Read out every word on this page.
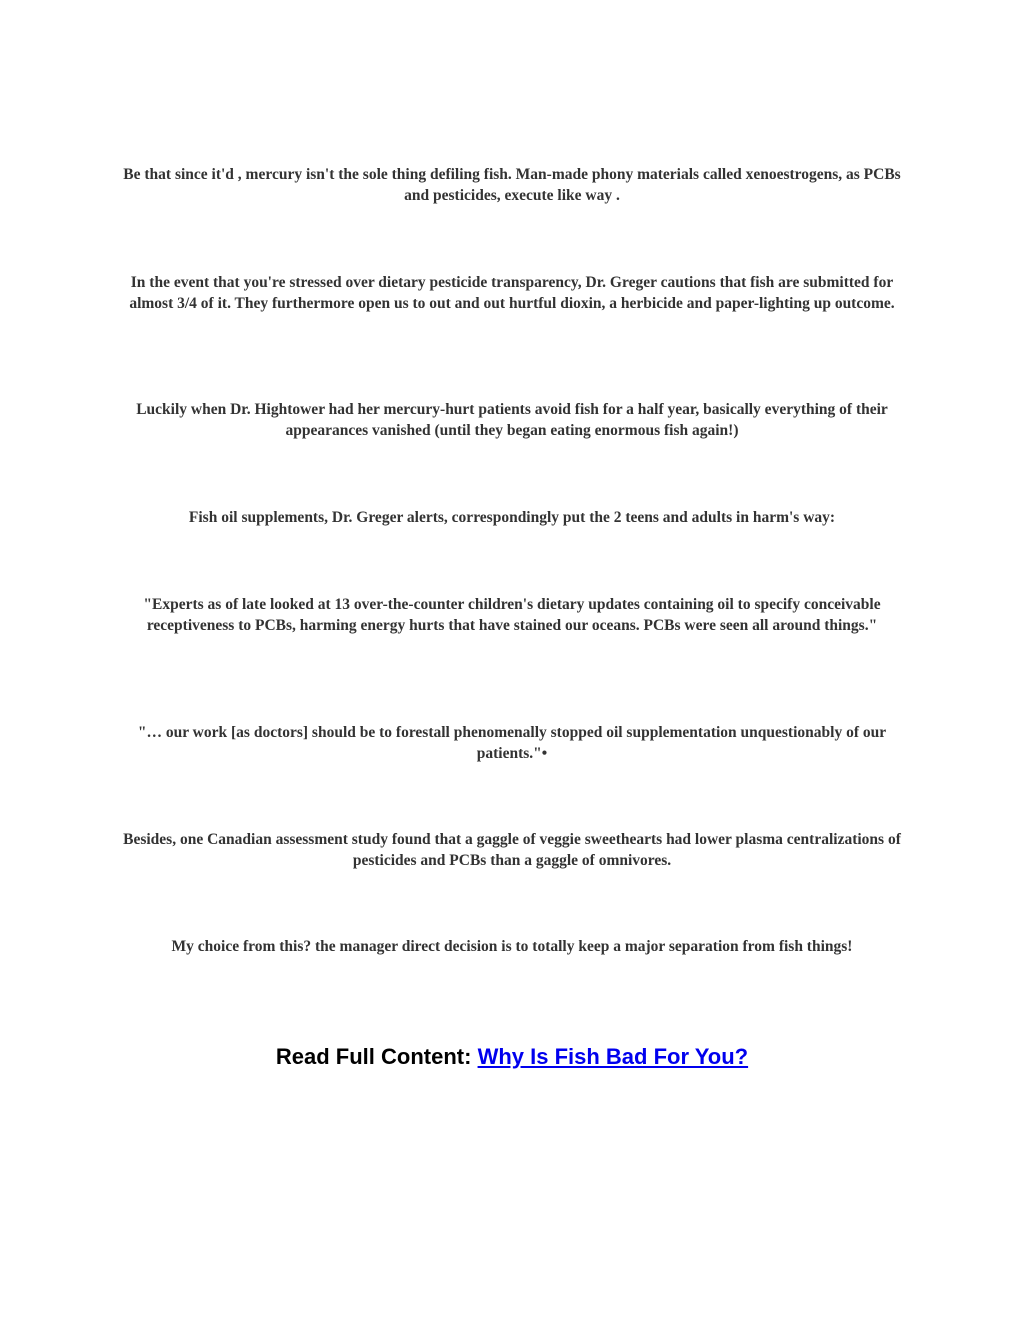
Be that since it'd , mercury isn't the sole thing defiling fish. Man-made phony materials called xenoestrogens, as PCBs and pesticides, execute like way .

In the event that you're stressed over dietary pesticide transparency, Dr. Greger cautions that fish are submitted for almost 3/4 of it. They furthermore open us to out and out hurtful dioxin, a herbicide and paper-lighting up outcome.

Luckily when Dr. Hightower had her mercury-hurt patients avoid fish for a half year, basically everything of their appearances vanished (until they began eating enormous fish again!)

Fish oil supplements, Dr. Greger alerts, correspondingly put the 2 teens and adults in harm's way:

"Experts as of late looked at 13 over-the-counter children's dietary updates containing oil to specify conceivable receptiveness to PCBs, harming energy hurts that have stained our oceans. PCBs were seen all around things."

"… our work [as doctors] should be to forestall phenomenally stopped oil supplementation unquestionably of our patients."•

Besides, one Canadian assessment study found that a gaggle of veggie sweethearts had lower plasma centralizations of pesticides and PCBs than a gaggle of omnivores.

My choice from this? the manager direct decision is to totally keep a major separation from fish things!

Read Full Content: Why Is Fish Bad For You?
